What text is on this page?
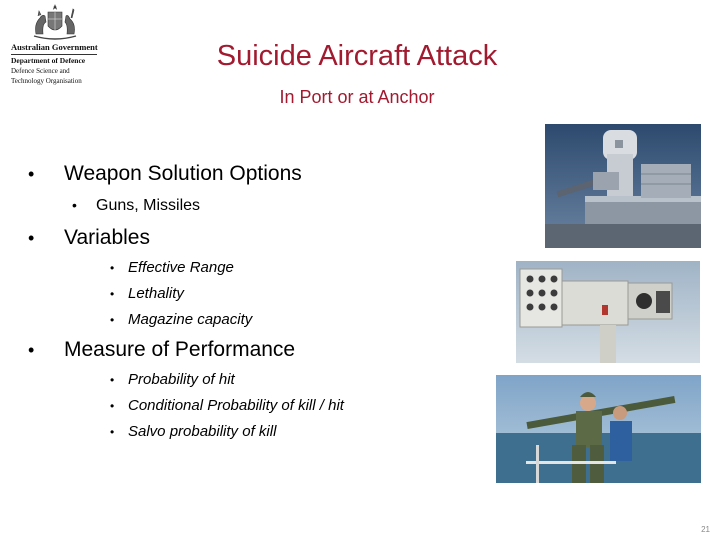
Australian Government
Department of Defence
Defence Science and
Technology Organisation
Suicide Aircraft Attack
In Port or at Anchor
• Weapon Solution Options
• Guns, Missiles
• Variables
• Effective Range
• Lethality
• Magazine capacity
• Measure of Performance
• Probability of hit
• Conditional Probability of kill / hit
• Salvo probability of kill
21
